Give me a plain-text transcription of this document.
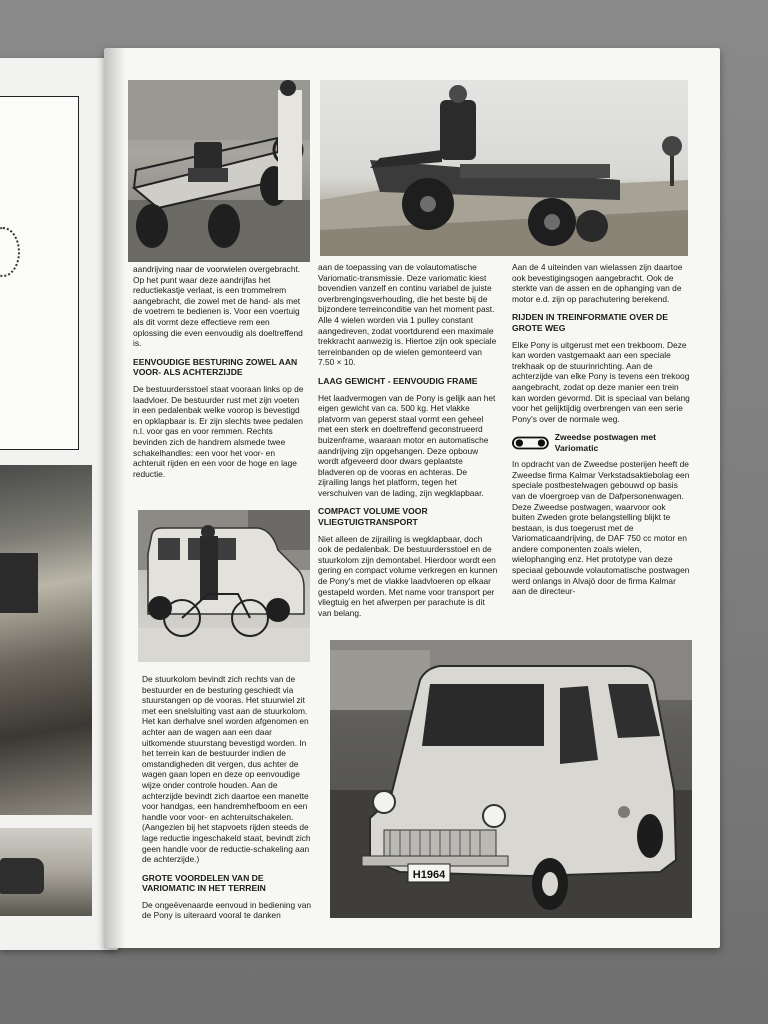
aandrijving naar de voorwielen overgebracht. Op het punt waar deze aandrijfas het reductiekastje verlaat, is een trommelrem aangebracht, die zowel met de hand- als met de voetrem te bedienen is. Voor een voertuig als dit vormt deze effectieve rem een oplossing die even eenvoudig als doeltreffend is.

EENVOUDIGE BESTURING ZOWEL AAN VOOR- ALS ACHTERZIJDE

De bestuurdersstoel staat vooraan links op de laadvloer. De bestuurder rust met zijn voeten in een pedalenbak welke voorop is bevestigd en opklapbaar is. Er zijn slechts twee pedalen n.l. voor gas en voor remmen. Rechts bevinden zich de handrem alsmede twee schakelhandles: een voor het voor- en achteruit rijden en een voor de hoge en lage reductie.

De stuurkolom bevindt zich rechts van de bestuurder en de besturing geschiedt via stuurstangen op de vooras. Het stuurwiel zit met een snelsluiting vast aan de stuurkolom. Het kan derhalve snel worden afgenomen en achter aan de wagen aan een daar uitkomende stuurstang bevestigd worden. In het terrein kan de bestuurder indien de omstandigheden dit vergen, dus achter de wagen gaan lopen en deze op eenvoudige wijze onder controle houden. Aan de achterzijde bevindt zich daartoe een manette voor handgas, een handremhefboom en een handle voor voor- en achteruitschakelen. (Aangezien bij het stapvoets rijden steeds de lage reductie ingeschakeld staat, bevindt zich geen handle voor de reductie-schakeling aan de achterzijde.)

GROTE VOORDELEN VAN DE VARIOMATIC IN HET TERREIN

De ongeëvenaarde eenvoud in bediening van de Pony is uiteraard vooral te danken

aan de toepassing van de volautomatische Variomatic-transmissie. Deze variomatic kiest bovendien vanzelf en continu variabel de juiste overbrengingsverhouding, die het beste bij de bijzondere terreinconditie van het moment past. Alle 4 wielen worden via 1 pulley constant aangedreven, zodat voortdurend een maximale trekkracht aanwezig is. Hiertoe zijn ook speciale terreinbanden op de wielen gemonteerd van 7.50 × 10.

LAAG GEWICHT - EENVOUDIG FRAME

Het laadvermogen van de Pony is gelijk aan het eigen gewicht van ca. 500 kg. Het vlakke platvorm van geperst staal vormt een geheel met een sterk en doeltreffend geconstrueerd buizenframe, waaraan motor en automatische aandrijving zijn opgehangen. Deze opbouw wordt afgeveerd door dwars geplaatste bladveren op de vooras en achteras. De zijrailing langs het platform, tegen het verschuiven van de lading, zijn wegklapbaar.

COMPACT VOLUME VOOR VLIEGTUIGTRANSPORT

Niet alleen de zijrailing is wegklapbaar, doch ook de pedalenbak. De bestuurdersstoel en de stuurkolom zijn demontabel. Hierdoor wordt een gering en compact volume verkregen en kunnen de Pony's met de vlakke laadvloeren op elkaar gestapeld worden. Met name voor transport per vliegtuig en het afwerpen per parachute is dit van belang.

Aan de 4 uiteinden van wielassen zijn daartoe ook bevestigingsogen aangebracht. Ook de sterkte van de assen en de ophanging van de motor e.d. zijn op parachutering berekend.

RIJDEN IN TREINFORMATIE OVER DE GROTE WEG

Elke Pony is uitgerust met een trekboom. Deze kan worden vastgemaakt aan een speciale trekhaak op de stuurinrichting. Aan de achterzijde van elke Pony is tevens een trekoog aangebracht, zodat op deze manier een trein kan worden gevormd. Dit is speciaal van belang voor het gelijktijdig overbrengen van een serie Pony's over de normale weg.

Zweedse postwagen met Variomatic

In opdracht van de Zweedse posterijen heeft de Zweedse firma Kalmar Verkstadsaktiebolag een speciale postbestelwagen gebouwd op basis van de vloergroep van de Dafpersonenwagen. Deze Zweedse postwagen, waarvoor ook buiten Zweden grote belangstelling blijkt te bestaan, is dus toegerust met de Variomaticaandrijving, de DAF 750 cc motor en andere componenten zoals wielen, wielophanging enz. Het prototype van deze speciaal gebouwde volautomatische postwagen werd onlangs in Alvajö door de firma Kalmar aan de directeur-

H1964
